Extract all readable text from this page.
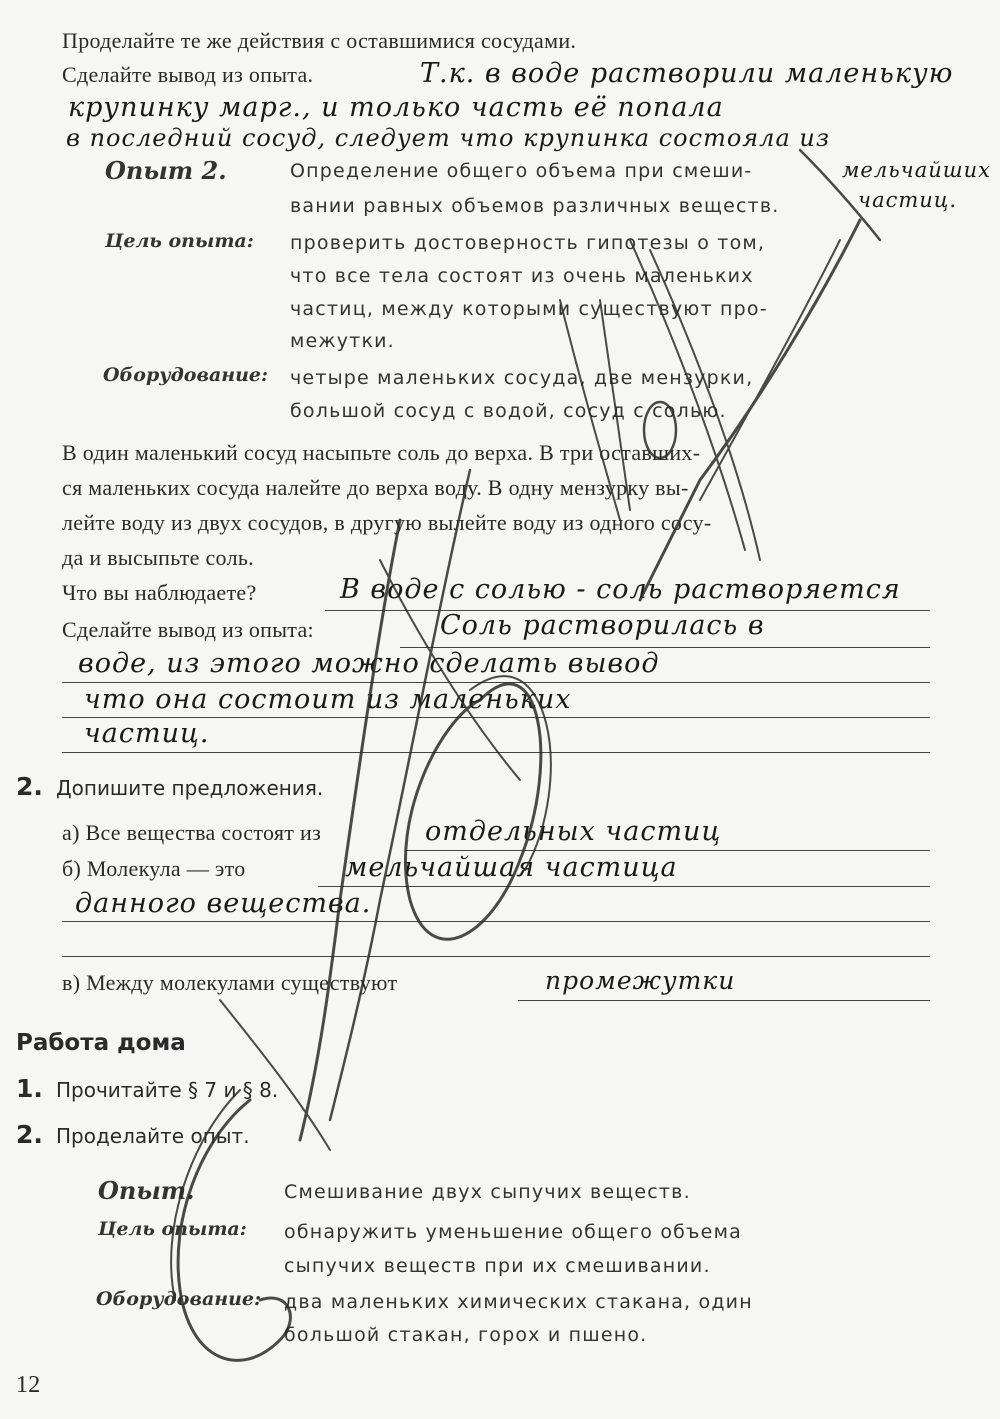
Проделайте те же действия с оставшимися сосудами.
Сделайте вывод из опыта.	Т.к. в воде растворили маленькую
крупинку марг., и только часть её попала
в последний сосуд, следует что крупинка состояла из
мельчайших
частиц.
Опыт 2.	Определение общего объема при смеши-
вании равных объемов различных веществ.
Цель опыта: проверить достоверность гипотезы о том,
что все тела состоят из очень маленьких
частиц, между которыми существуют про-
межутки.
Оборудование: четыре маленьких сосуда, две мензурки,
большой сосуд с водой, сосуд с солью.
В один маленький сосуд насыпьте соль до верха. В три оставших-
ся маленьких сосуда налейте до верха воду. В одну мензурку вы-
лейте воду из двух сосудов, в другую вылейте воду из одного сосу-
да и высыпьте соль.
Что вы наблюдаете?	В воде с солью - соль растворяется
Сделайте вывод из опыта:	Соль растворилась в
воде, из этого можно сделать вывод
что она состоит из маленьких
частиц.
2. Допишите предложения.
а) Все вещества состоят из	отдельных частиц
б) Молекула — это	мельчайшая частица
данного вещества.
в) Между молекулами существуют	промежутки
Работа дома
1. Прочитайте § 7 и § 8.
2. Проделайте опыт.
Опыт.	Смешивание двух сыпучих веществ.
Цель опыта: обнаружить уменьшение общего объема
сыпучих веществ при их смешивании.
Оборудование: два маленьких химических стакана, один
большой стакан, горох и пшено.
12
